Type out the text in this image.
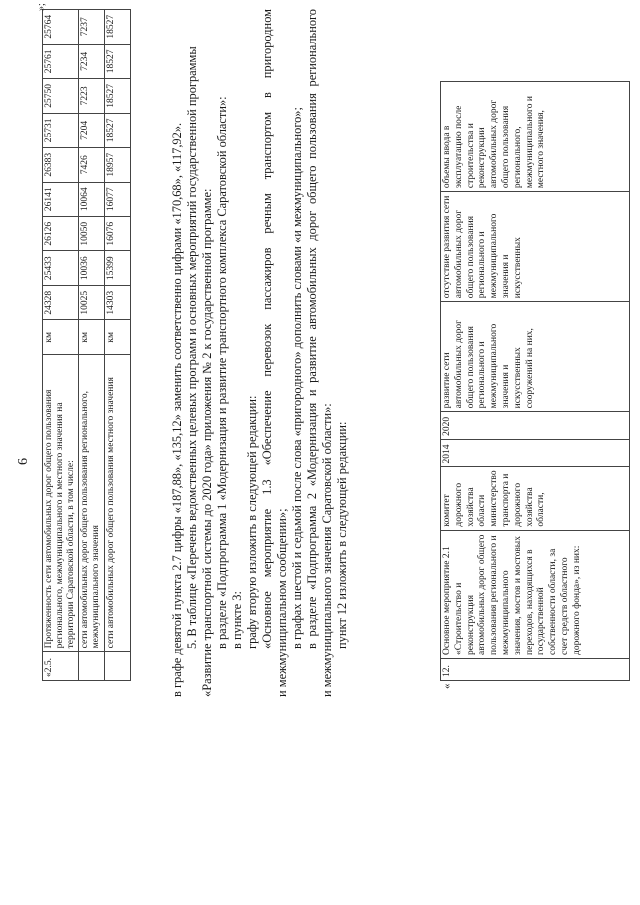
6
«2.5.	Протяженность сети автомобильных дорог общего пользования регионального, межмуниципального и местного значения на территории Саратовской области, в том числе:	км	24328	25433	26126	26141	26383	25731	25750	25761	25764
	сети автомобильных дорог общего пользования регионального, межмуниципального значения	км	10025	10036	10050	10064	7426	7204	7223	7234	7237
	сети автомобильных дорог общего пользования местного значения	км	14303	15399	16076	16077	18957	18527	18527	18527	18527
»;
в графе девятой пункта 2.7 цифры «187,88», «135,12» заменить соответственно цифрами «170,68», «117,92». 5. В таблице «Перечень ведомственных целевых программ и основных мероприятий государственной программы «Развитие транспортной системы до 2020 года» приложения № 2 к государственной программе: в разделе «Подпрограмма 1 «Модернизация и развитие транспортного комплекса Саратовской области»: в пункте 3: графу вторую изложить в следующей редакции: «Основное мероприятие 1.3 «Обеспечение перевозок пассажиров речным транспортом в пригородном и межмуниципальном сообщении»; в графах шестой и седьмой после слова «пригородного» дополнить словами «и межмуниципального»; в разделе «Подпрограмма 2 «Модернизация и развитие автомобильных дорог общего пользования регионального и межмуниципального значения Саратовской области»: пункт 12 изложить в следующей редакции:
«
12.	Основное мероприятие 2.1 «Строительство и реконструкция автомобильных дорог общего пользования регионального и межмуниципального значения, мостов и мостовых переходов, находящихся в государственной собственности области, за счет средств областного дорожного фонда», из них:	комитет дорожного хозяйства области министерство транспорта и дорожного хозяйства области,	2014	2020	развитие сети автомобильных дорог общего пользования регионального и межмуниципального значения и искусственных сооружений на них,	отсутствие развития сети автомобильных дорог общего пользования регионального и межмуниципального значения и искусственных	объемы ввода в эксплуатацию после строительства и реконструкции автомобильных дорог общего пользования регионального, межмуниципального и местного значения,
